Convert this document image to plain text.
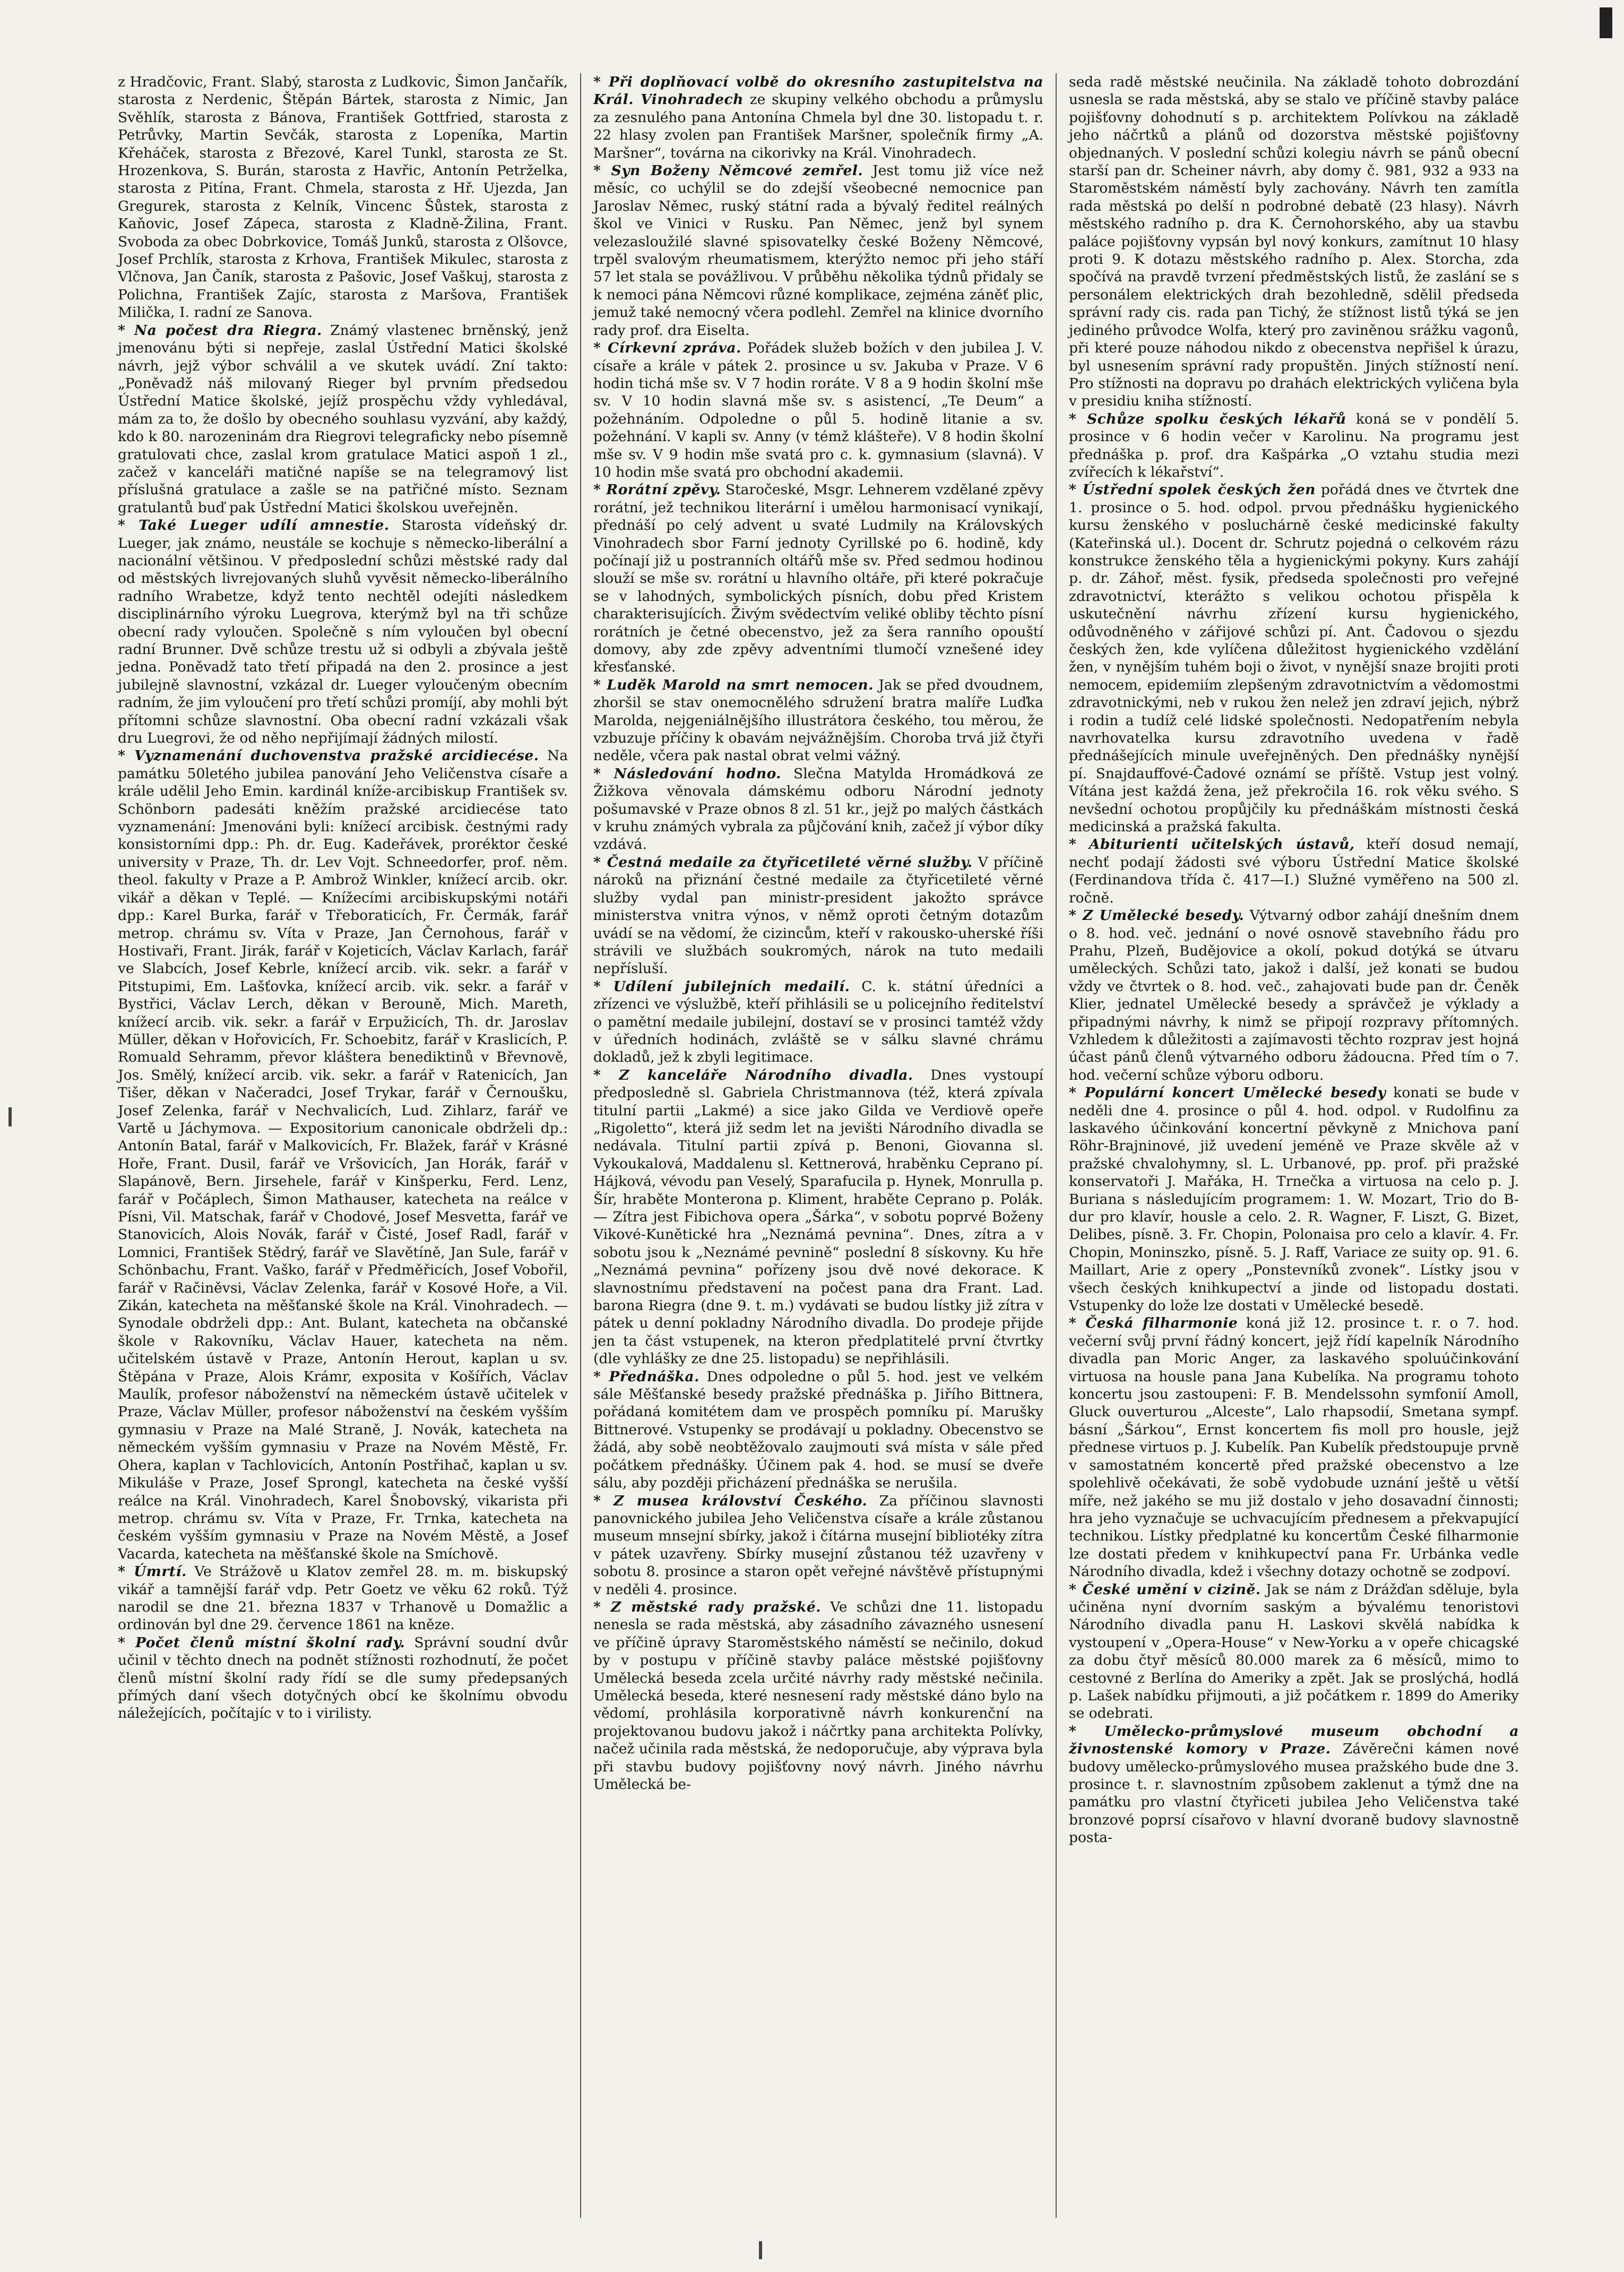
z Hradčovic, Frant. Slabý, starosta z Ludkovic, Šimon Jančařík, starosta z Nerdenic, Štěpán Bártek, starosta z Nimic, Jan Svěhlík, starosta z Bánova, František Gottfried, starosta z Petrůvky, Martin Sevčák, starosta z Lopeníka, Martin Křeháček, starosta z Březové, Karel Tunkl, starosta ze St. Hrozenkova, S. Burán, starosta z Havřic, Antonín Petrželka, starosta z Pitína, Frant. Chmela, starosta z Hř. Ujezda, Jan Gregurek, starosta z Kelník, Vincenc Šůstek, starosta z Kaňovic, Josef Zápeca, starosta z Kladně-Žilina, Frant. Svoboda za obec Dobrkovice, Tomáš Junků, starosta z Olšovce, Josef Prchlík, starosta z Krhova, František Mikulec, starosta z Vlčnova, Jan Čaník, starosta z Pašovic, Josef Vaškuj, starosta z Polichna, František Zajíc, starosta z Maršova, František Milička, I. radní ze Sanova.

* Na počest dra Riegra. Známý vlastenec brněnský, jenž jmenovánu býti si nepřeje, zaslal Ústřední Matici školské návrh, jejž výbor schválil a ve skutek uvádí. Zní takto: „Poněvadž náš milovaný Rieger byl prvním předsedou Ústřední Matice školské, jejíž prospěchu vždy vyhledával, mám za to, že došlo by obecného souhlasu vyzvání, aby každý, kdo k 80. narozeninám dra Riegrovi telegraficky nebo písemně gratulovati chce, zaslal krom gratulace Matici aspoň 1 zl., začež v kanceláři matičné napíše se na telegramový list příslušná gratulace a zašle se na patřičné místo. Seznam gratulantů buď pak Ústřední Matici školskou uveřejněn.

* Také Lueger udílí amnestie. Starosta vídeňský dr. Lueger, jak známo, neustále se kochuje s německo-liberální a nacionální většinou. V předposlední schůzi městské rady dal od městských livrejovaných sluhů vyvěsit německo-liberálního radního Wrabetze, když tento nechtěl odejíti následkem disciplinárního výroku Luegrova, kterýmž byl na tři schůze obecní rady vyloučen. Společně s ním vyloučen byl obecní radní Brunner. Dvě schůze trestu už si odbyli a zbývala ještě jedna. Poněvadž tato třetí připadá na den 2. prosince a jest jubilejně slavnostní, vzkázal dr. Lueger vyloučeným obecním radním, že jim vyloučení pro třetí schůzi promíjí, aby mohli být přítomni schůze slavnostní. Oba obecní radní vzkázali však dru Luegrovi, že od něho nepřijímají žádných milostí.

* Vyznamenání duchovenstva pražské arcidiecése. Na památku 50letého jubilea panování Jeho Veličenstva císaře a krále udělil Jeho Emin. kardinál kníže-arcibiskup František sv. Schönborn padesáti kněžím pražské arcidiecése tato vyznamenání: Jmenováni byli: knížecí arcibisk. čestnými rady konsistorními dpp.: Ph. dr. Eug. Kadeřávek, proréktor české university v Praze, Th. dr. Lev Vojt. Schneedorfer, prof. něm. theol. fakulty v Praze a P. Ambrož Winkler, knížecí arcib. okr. vikář a děkan v Teplé. — Knížecími arcibiskupskými notáři dpp.: Karel Burka, farář v Třeboraticích, Fr. Čermák, farář metrop. chrámu sv. Víta v Praze, Jan Černohous, farář v Hostivaři, Frant. Jirák, farář v Kojeticích, Václav Karlach, farář ve Slabcích, Josef Kebrle, knížecí arcib. vik. sekr. a farář v Pitstupimi, Em. Lašťovka, knížecí arcib. vik. sekr. a farář v Bystřici, Václav Lerch, děkan v Berouně, Mich. Mareth, knížecí arcib. vik. sekr. a farář v Erpužicích, Th. dr. Jaroslav Müller, děkan v Hořovicích, Fr. Schoebitz, farář v Kraslicích, P. Romuald Sehramm, převor kláštera benediktinů v Břevnově, Jos. Smělý, knížecí arcib. vik. sekr. a farář v Ratenicích, Jan Tišer, děkan v Načeradci, Josef Trykar, farář v Černoušku, Josef Zelenka, farář v Nechvalicích, Lud. Zihlarz, farář ve Vartě u Jáchymova. — Expositorium canonicale obdrželi dp.: Antonín Batal, farář v Malkovicích, Fr. Blažek, farář v Krásné Hoře, Frant. Dusil, farář ve Vršovicích, Jan Horák, farář v Slapánově, Bern. Jirsehele, farář v Kinšperku, Ferd. Lenz, farář v Počáplech, Šimon Mathauser, katecheta na reálce v Písni, Vil. Matschak, farář v Chodové, Josef Mesvetta, farář ve Stanovicích, Alois Novák, farář v Čisté, Josef Radl, farář v Lomnici, František Stědrý, farář ve Slavětíně, Jan Sule, farář v Schönbachu, Frant. Vaško, farář v Předměřicích, Josef Vobořil, farář v Račiněvsi, Václav Zelenka, farář v Kosové Hoře, a Vil. Zikán, katecheta na měšťanské škole na Král. Vinohradech. — Synodale obdrželi dpp.: Ant. Bulant, katecheta na občanské škole v Rakovníku, Václav Hauer, katecheta na něm. učitelském ústavě v Praze, Antonín Herout, kaplan u sv. Štěpána v Praze, Alois Krámr, exposita v Košířích, Václav Maulík, profesor náboženství na německém ústavě učitelek v Praze, Václav Müller, profesor náboženství na českém vyšším gymnasiu v Praze na Malé Straně, J. Novák, katecheta na německém vyšším gymnasiu v Praze na Novém Městě, Fr. Ohera, kaplan v Tachlovicích, Antonín Postřihač, kaplan u sv. Mikuláše v Praze, Josef Sprongl, katecheta na české vyšší reálce na Král. Vinohradech, Karel Šnobovský, vikarista při metrop. chrámu sv. Víta v Praze, Fr. Trnka, katecheta na českém vyšším gymnasiu v Praze na Novém Městě, a Josef Vacarda, katecheta na měšťanské škole na Smíchově.

* Úmrtí. Ve Strážově u Klatov zemřel 28. m. m. biskupský vikář a tamnější farář vdp. Petr Goetz ve věku 62 roků. Týž narodil se dne 21. března 1837 v Trhanově u Domažlic a ordinován byl dne 29. července 1861 na kněze.

* Počet členů místní školní rady. Správní soudní dvůr učinil v těchto dnech na podnět stížnosti rozhodnutí, že počet členů místní školní rady řídí se dle sumy předepsaných přímých daní všech dotyčných obcí ke školnímu obvodu náležejících, počítajíc v to i virilisty.

* Při doplňovací volbě do okresního zastupitelstva na Král. Vinohradech ze skupiny velkého obchodu a průmyslu za zesnulého pana Antonína Chmela byl dne 30. listopadu t. r. 22 hlasy zvolen pan František Maršner, společník firmy „A. Maršner“, továrna na cikorivky na Král. Vinohradech.

* Syn Boženy Němcové zemřel. Jest tomu již více než měsíc, co uchýlil se do zdejší všeobecné nemocnice pan Jaroslav Němec, ruský státní rada a bývalý ředitel reálných škol ve Vinici v Rusku. Pan Němec, jenž byl synem velezasloužilé slavné spisovatelky české Boženy Němcové, trpěl svalovým rheumatismem, kterýžto nemoc při jeho stáří 57 let stala se povážlivou. V průběhu několika týdnů přidaly se k nemoci pána Němcovi různé komplikace, zejména záněť plic, jemuž také nemocný včera podlehl. Zemřel na klinice dvorního rady prof. dra Eiselta.

* Církevní zpráva. Pořádek služeb božích v den jubilea J. V. císaře a krále v pátek 2. prosince u sv. Jakuba v Praze. V 6 hodin tichá mše sv. V 7 hodin roráte. V 8 a 9 hodin školní mše sv. V 10 hodin slavná mše sv. s asistencí, „Te Deum“ a požehnáním. Odpoledne o půl 5. hodině litanie a sv. požehnání. V kapli sv. Anny (v témž klášteře). V 8 hodin školní mše sv. V 9 hodin mše svatá pro c. k. gymnasium (slavná). V 10 hodin mše svatá pro obchodní akademii.

* Rorátní zpěvy. Staročeské, Msgr. Lehnerem vzdělané zpěvy rorátní, jež technikou literární i umělou harmonisací vynikají, přednáší po celý advent u svaté Ludmily na Královských Vinohradech sbor Farní jednoty Cyrillské po 6. hodině, kdy počínají již u postranních oltářů mše sv. Před sedmou hodinou slouží se mše sv. rorátní u hlavního oltáře, při které pokračuje se v lahodných, symbolických písních, dobu před Kristem charakterisujících. Živým svědectvím veliké obliby těchto písní rorátních je četné obecenstvo, jež za šera ranního opouští domovy, aby zde zpěvy adventními tlumočí vznešené idey křesťanské.

* Luděk Marold na smrt nemocen. Jak se před dvoudnem, zhoršil se stav onemocnělého sdružení bratra malíře Luďka Marolda, nejgeniálnějšího illustrátora českého, tou měrou, že vzbuzuje příčiny k obavám nejvážnějším. Choroba trvá již čtyři neděle, včera pak nastal obrat velmi vážný.

* Následování hodno. Slečna Matylda Hromádková ze Žižkova věnovala dámskému odboru Národní jednoty pošumavské v Praze obnos 8 zl. 51 kr., jejž po malých částkách v kruhu známých vybrala za půjčování knih, začež jí výbor díky vzdává.

* Čestná medaile za čtyřicetileté věrné služby. V příčině nároků na přiznání čestné medaile za čtyřicetileté věrné služby vydal pan ministr-president jakožto správce ministerstva vnitra výnos, v němž oproti četným dotazům uvádí se na vědomí, že cizincům, kteří v rakousko-uherské říši strávili ve službách soukromých, nárok na tuto medaili nepřísluší.

* Udílení jubilejních medailí. C. k. státní úředníci a zřízenci ve výslužbě, kteří přihlásili se u policejního ředitelství o pamětní medaile jubilejní, dostaví se v prosinci tamtéž vždy v úředních hodinách, zvláště se v sálku slavné chrámu dokladů, jež k zbyli legitimace.

* Z kanceláře Národního divadla. Dnes vystoupí předposledně sl. Gabriela Christmannova (též, která zpívala titulní partii „Lakmé) a sice jako Gilda ve Verdiově opeře „Rigoletto“, která již sedm let na jevišti Národního divadla se nedávala. Titulní partii zpívá p. Benoni, Giovanna sl. Vykoukalová, Maddalenu sl. Kettnerová, hraběnku Ceprano pí. Hájková, vévodu pan Veselý, Sparafucila p. Hynek, Monrulla p. Šír, hraběte Monterona p. Kliment, hraběte Ceprano p. Polák. — Zítra jest Fibichova opera „Šárka“, v sobotu poprvé Boženy Vikové-Kunětické hra „Neznámá pevnina“. Dnes, zítra a v sobotu jsou k „Neznámé pevnině“ poslední 8 sískovny. Ku hře „Neznámá pevnina“ pořízeny jsou dvě nové dekorace. K slavnostnímu představení na počest pana dra Frant. Lad. barona Riegra (dne 9. t. m.) vydávati se budou lístky již zítra v pátek u denní pokladny Národního divadla. Do prodeje přijde jen ta část vstupenek, na kteron předplatitelé první čtvrtky (dle vyhlášky ze dne 25. listopadu) se nepřihlásili.

* Přednáška. Dnes odpoledne o půl 5. hod. jest ve velkém sále Měšťanské besedy pražské přednáška p. Jiřího Bittnera, pořádaná komitétem dam ve prospěch pomníku pí. Marušky Bittnerové. Vstupenky se prodávají u pokladny. Obecenstvo se žádá, aby sobě neobtěžovalo zaujmouti svá místa v sále před počátkem přednášky. Účinem pak 4. hod. se musí se dveře sálu, aby později přicházení přednáška se nerušila.

* Z musea království Českého. Za příčinou slavnosti panovnického jubilea Jeho Veličenstva císaře a krále zůstanou museum mnsejní sbírky, jakož i čítárna musejní bibliotéky zítra v pátek uzavřeny. Sbírky musejní zůstanou též uzavřeny v sobotu 8. prosince a staron opět veřejné návštěvě přístupnými v neděli 4. prosince.

* Z městské rady pražské. Ve schůzi dne 11. listopadu nenesla se rada městská, aby zásadního závazného usnesení ve příčině úpravy Staroměstského náměstí se nečinilo, dokud by v postupu v příčině stavby paláce městské pojišťovny Umělecká beseda zcela určité návrhy rady městské nečinila. Umělecká beseda, které nesnesení rady městské dáno bylo na vědomí, prohlásila korporativně návrh konkurenční na projektovanou budovu jakož i náčrtky pana architekta Polívky, načež učinila rada městská, že nedoporučuje, aby výprava byla při stavbu budovy pojišťovny nový návrh. Jiného návrhu Umělecká be-

seda radě městské neučinila. Na základě tohoto dobrozdání usnesla se rada městská, aby se stalo ve příčině stavby paláce pojišťovny dohodnutí s p. architektem Polívkou na základě jeho náčrtků a plánů od dozorstva městské pojišťovny objednaných. V poslední schůzi kolegiu návrh se pánů obecní starší pan dr. Scheiner návrh, aby domy č. 981, 932 a 933 na Staroměstském náměstí byly zachovány. Návrh ten zamítla rada městská po delší n podrobné debatě (23 hlasy). Návrh městského radního p. dra K. Černohorského, aby ua stavbu paláce pojišťovny vypsán byl nový konkurs, zamítnut 10 hlasy proti 9. K dotazu městského radního p. Alex. Storcha, zda spočívá na pravdě tvrzení předměstských listů, že zaslání se s personálem elektrických drah bezohledně, sdělil předseda správní rady cis. rada pan Tichý, že stížnost listů týká se jen jediného průvodce Wolfa, který pro zaviněnou srážku vagonů, při které pouze náhodou nikdo z obecenstva nepřišel k úrazu, byl usnesením správní rady propuštěn. Jiných stížností není. Pro stížnosti na dopravu po drahách elektrických vyličena byla v presidiu kniha stížností.

* Schůze spolku českých lékařů koná se v pondělí 5. prosince v 6 hodin večer v Karolinu. Na programu jest přednáška p. prof. dra Kašpárka „O vztahu studia mezi zvířecích k lékařství“.

* Ústřední spolek českých žen pořádá dnes ve čtvrtek dne 1. prosince o 5. hod. odpol. prvou přednášku hygienického kursu ženského v posluchárně české medicinské fakulty (Kateřinská ul.). Docent dr. Schrutz pojedná o celkovém rázu konstrukce ženského těla a hygienickými pokyny. Kurs zahájí p. dr. Záhoř, měst. fysik, předseda společnosti pro veřejné zdravotnictví, kterážto s velikou ochotou přispěla k uskutečnění návrhu zřízení kursu hygienického, odůvodněného v zářijové schůzi pí. Ant. Čadovou o sjezdu českých žen, kde vylíčena důležitost hygienického vzdělání žen, v nynějším tuhém boji o život, v nynější snaze brojiti proti nemocem, epidemiím zlepšeným zdravotnictvím a vědomostmi zdravotnickými, neb v rukou žen nelež jen zdraví jejich, nýbrž i rodin a tudíž celé lidské společnosti. Nedopatřením nebyla navrhovatelka kursu zdravotního uvedena v řadě přednášejících minule uveřejněných. Den přednášky nynější pí. Snajdauffové-Čadové oznámí se příště. Vstup jest volný. Vítána jest každá žena, jež překročila 16. rok věku svého. S nevšední ochotou propůjčily ku přednáškám místnosti česká medicinská a pražská fakulta.

* Abiturienti učitelských ústavů, kteří dosud nemají, nechť podají žádosti své výboru Ústřední Matice školské (Ferdinandova třída č. 417—I.) Služné vyměřeno na 500 zl. ročně.

* Z Umělecké besedy. Výtvarný odbor zahájí dnešním dnem o 8. hod. več. jednání o nové osnově stavebního řádu pro Prahu, Plzeň, Budějovice a okolí, pokud dotýká se útvaru uměleckých. Schůzi tato, jakož i další, jež konati se budou vždy ve čtvrtek o 8. hod. več., zahajovati bude pan dr. Čeněk Klier, jednatel Umělecké besedy a správčež je výklady a připadnými návrhy, k nimž se připojí rozpravy přítomných. Vzhledem k důležitosti a zajímavosti těchto rozprav jest hojná účast pánů členů výtvarného odboru žádoucna. Před tím o 7. hod. večerní schůze výboru odboru.

* Populární koncert Umělecké besedy konati se bude v neděli dne 4. prosince o půl 4. hod. odpol. v Rudolfinu za laskavého účinkování koncertní pěvkyně z Mnichova paní Röhr-Brajninové, již uvedení jeméně ve Praze skvěle až v pražské chvalohymny, sl. L. Urbanové, pp. prof. při pražské konservatoři J. Mařáka, H. Trnečka a virtuosa na celo p. J. Buriana s následujícím programem: 1. W. Mozart, Trio do B-dur pro klavír, housle a celo. 2. R. Wagner, F. Liszt, G. Bizet, Delibes, písně. 3. Fr. Chopin, Polonaisa pro celo a klavír. 4. Fr. Chopin, Moninszko, písně. 5. J. Raff, Variace ze suity op. 91. 6. Maillart, Arie z opery „Ponstevníků zvonek“. Lístky jsou v všech českých knihkupectví a jinde od listopadu dostati. Vstupenky do lože lze dostati v Umělecké besedě.

* Česká filharmonie koná již 12. prosince t. r. o 7. hod. večerní svůj první řádný koncert, jejž řídí kapelník Národního divadla pan Moric Anger, za laskavého spoluúčinkování virtuosa na housle pana Jana Kubelíka. Na programu tohoto koncertu jsou zastoupeni: F. B. Mendelssohn symfonií Amoll, Gluck ouverturou „Alceste“, Lalo rhapsodií, Smetana sympf. básní „Šárkou“, Ernst koncertem fis moll pro housle, jejž přednese virtuos p. J. Kubelík. Pan Kubelík předstoupuje prvně v samostatném koncertě před pražské obecenstvo a lze spolehlivě očekávati, že sobě vydobude uznání ještě u větší míře, než jakého se mu již dostalo v jeho dosavadní činnosti; hra jeho vyznačuje se uchvacujícím přednesem a překvapující technikou. Lístky předplatné ku koncertům České filharmonie lze dostati předem v knihkupectví pana Fr. Urbánka vedle Národního divadla, kdež i všechny dotazy ochotně se zodpoví.

* České umění v cizině. Jak se nám z Drážďan sděluje, byla učiněna nyní dvorním saským a bývalému tenoristovi Národního divadla panu H. Laskovi skvělá nabídka k vystoupení v „Opera-House“ v New-Yorku a v opeře chicagské za dobu čtyř měsíců 80.000 marek za 6 měsíců, mimo to cestovné z Berlína do Ameriky a zpět. Jak se proslýchá, hodlá p. Lašek nabídku přijmouti, a již počátkem r. 1899 do Ameriky se odebrati.

* Umělecko-průmyslové museum obchodní a živnostenské komory v Praze. Závěrečni kámen nové budovy umělecko-průmyslového musea pražského bude dne 3. prosince t. r. slavnostním způsobem zaklenut a týmž dne na památku pro vlastní čtyřiceti jubilea Jeho Veličenstva také bronzové poprsí císařovo v hlavní dvoraně budovy slavnostně posta-
